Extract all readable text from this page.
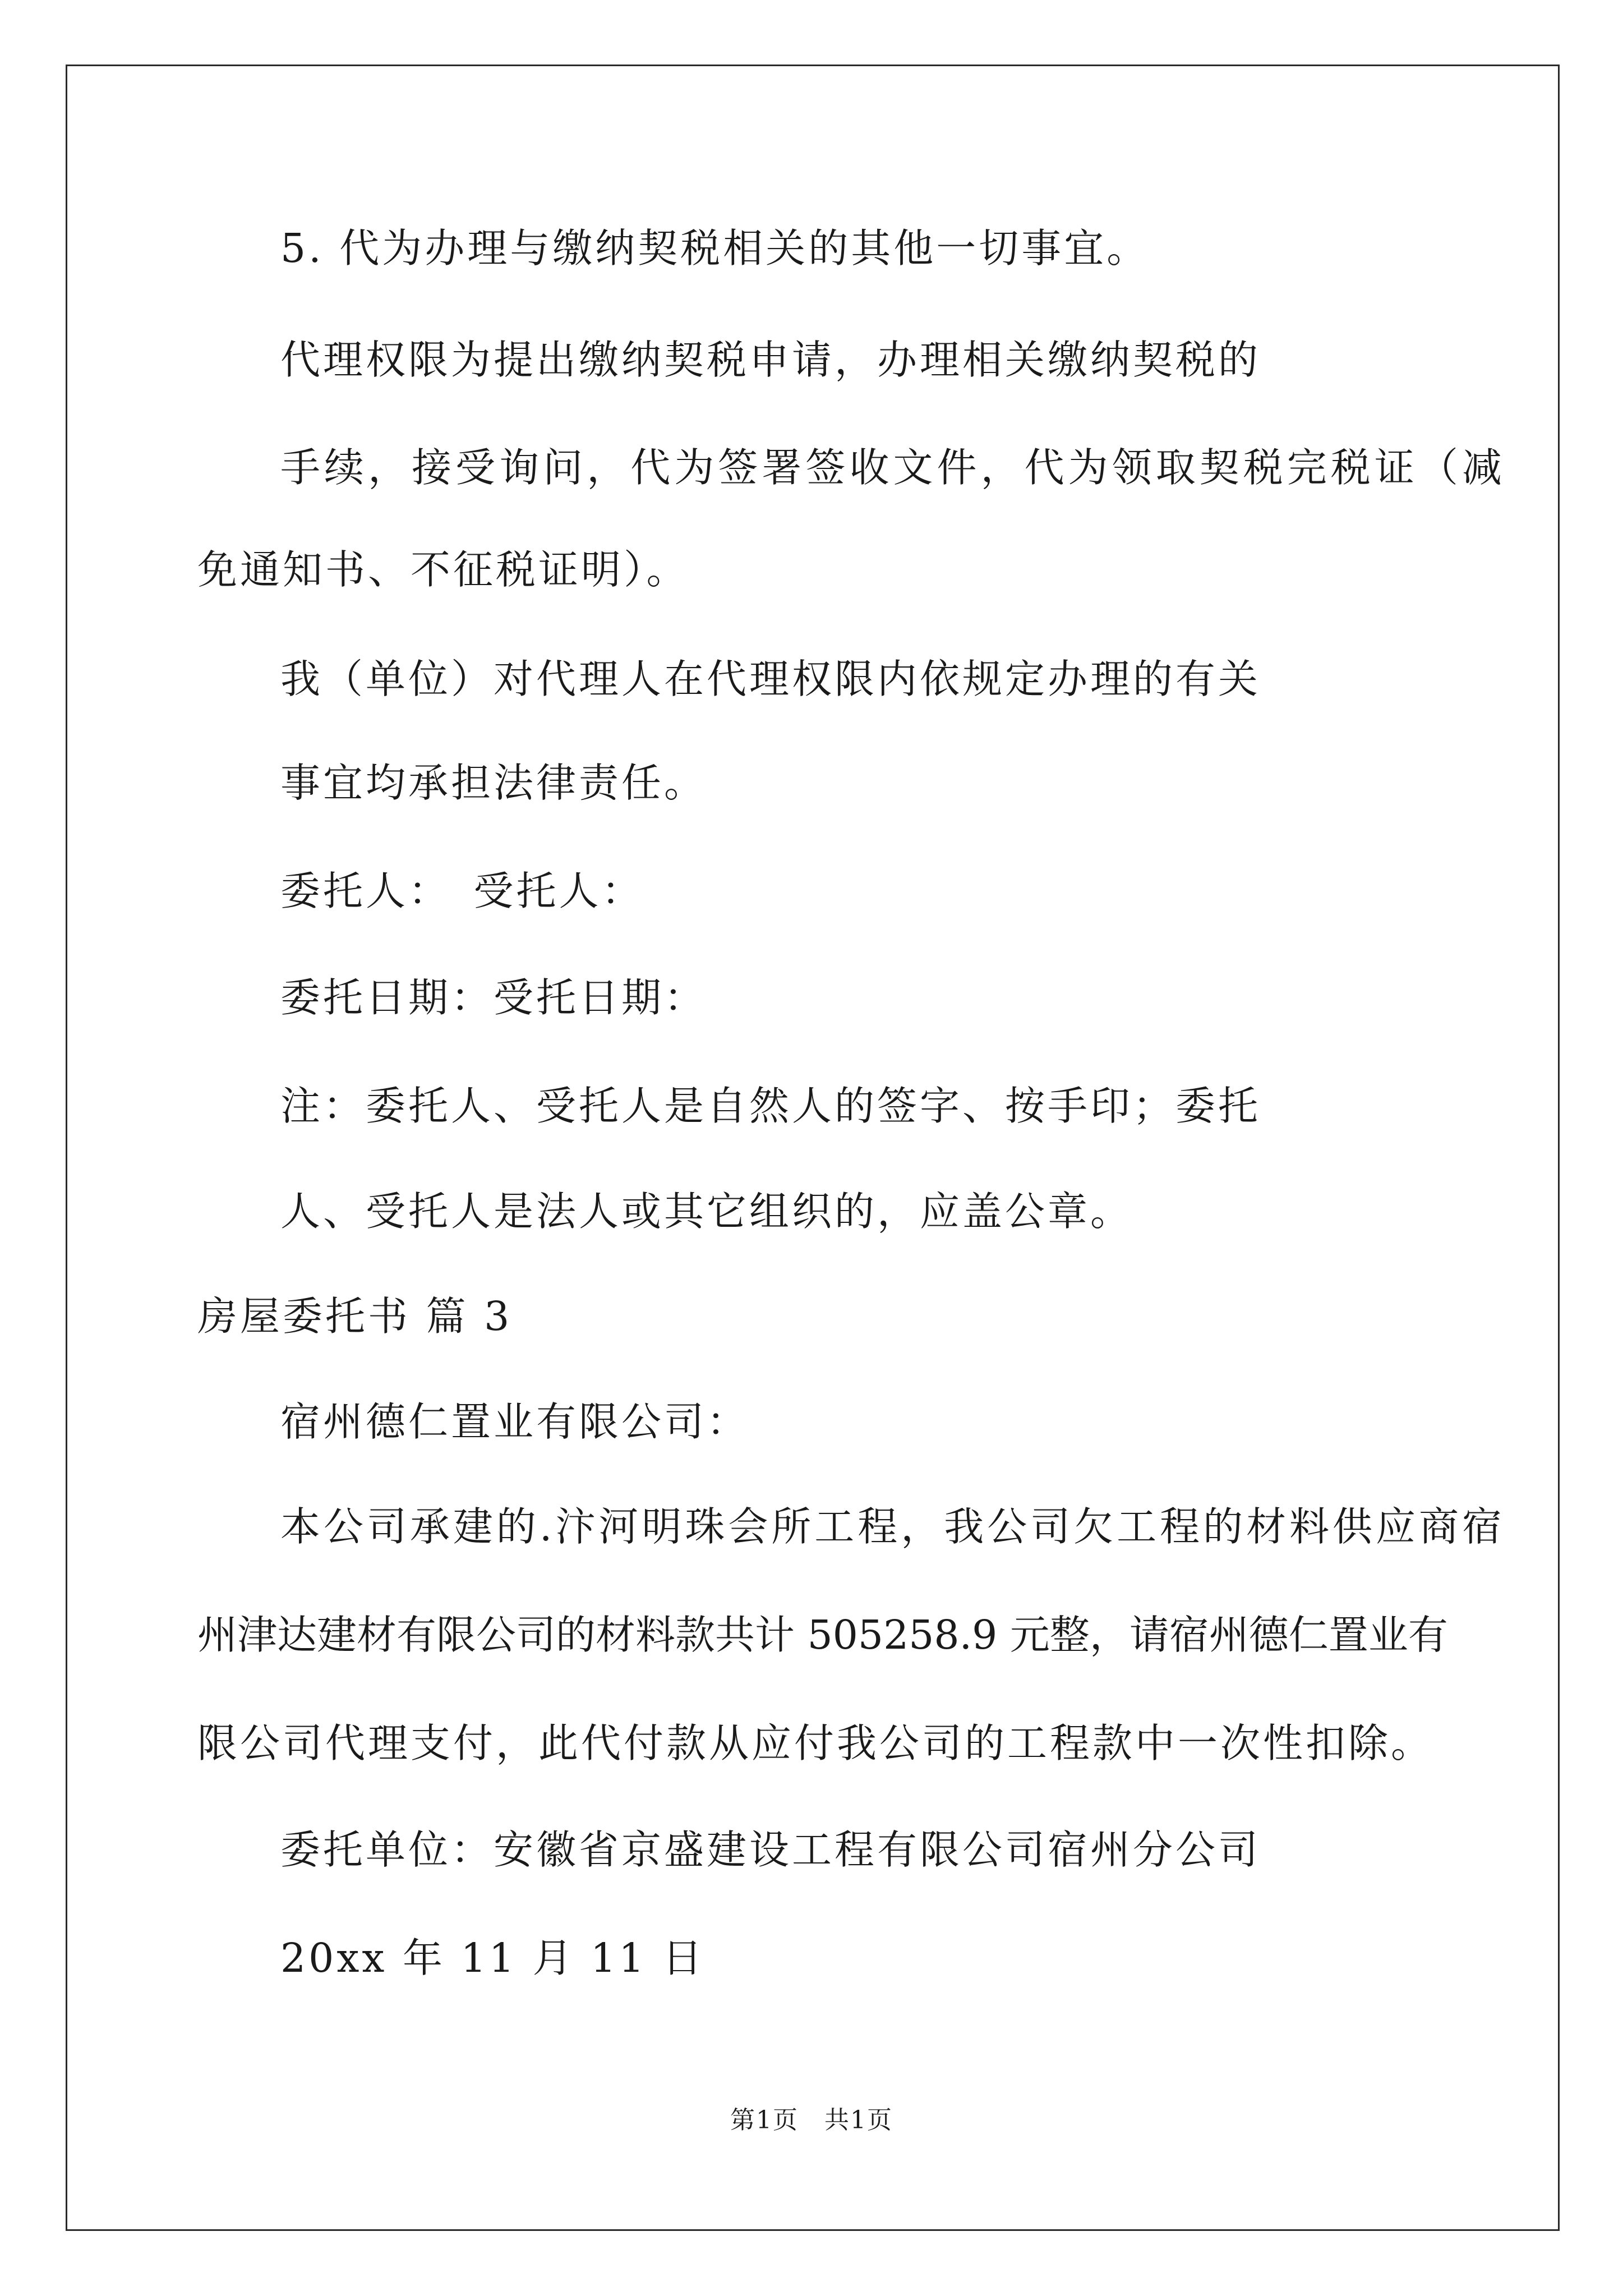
5. 代为办理与缴纳契税相关的其他一切事宜。
代理权限为提出缴纳契税申请，办理相关缴纳契税的
手续，接受询问，代为签署签收文件，代为领取契税完税证（减
免通知书、不征税证明）。
我（单位）对代理人在代理权限内依规定办理的有关
事宜均承担法律责任。
委托人：　受托人：
委托日期：受托日期：
注：委托人、受托人是自然人的签字、按手印；委托
人、受托人是法人或其它组织的，应盖公章。
房屋委托书 篇 3
宿州德仁置业有限公司：
本公司承建的.汴河明珠会所工程，我公司欠工程的材料供应商宿
州津达建材有限公司的材料款共计 505258.9 元整，请宿州德仁置业有
限公司代理支付，此代付款从应付我公司的工程款中一次性扣除。
委托单位：安徽省京盛建设工程有限公司宿州分公司
20xx 年 11 月 11 日
第1页　共1页
